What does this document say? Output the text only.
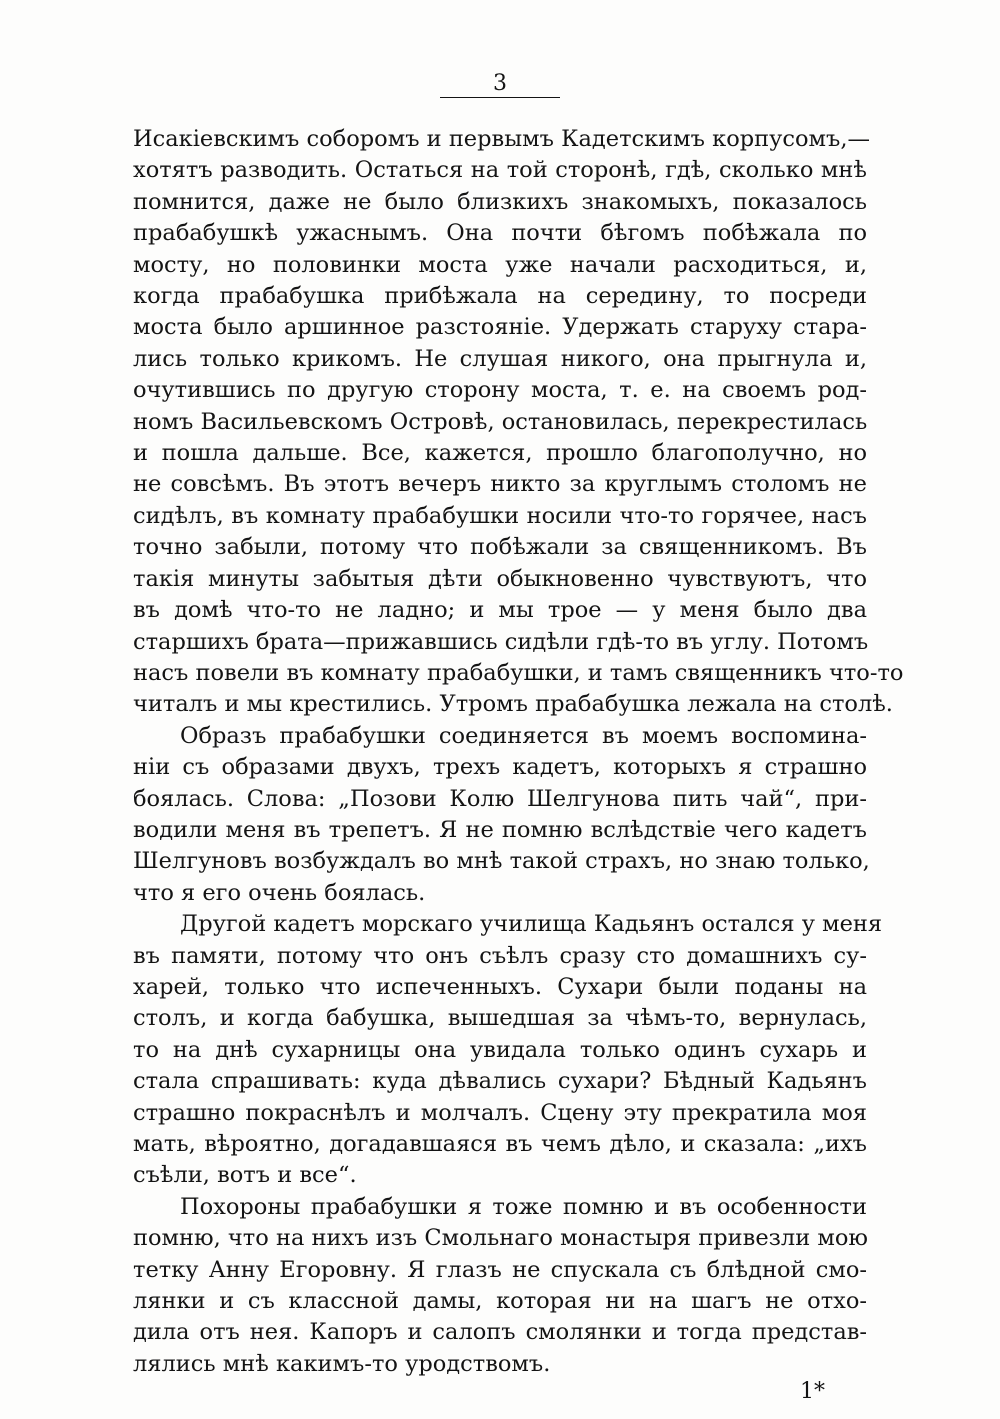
3
Исакіевскимъ соборомъ и первымъ Кадетскимъ корпусомъ,—
хотятъ разводить. Остаться на той сторонѣ, гдѣ, сколько мнѣ
помнится, даже не было близкихъ знакомыхъ, показалось
прабабушкѣ ужаснымъ. Она почти бѣгомъ побѣжала по
мосту, но половинки моста уже начали расходиться, и,
когда прабабушка прибѣжала на середину, то посреди
моста было аршинное разстояніе. Удержать старуху стара-
лись только крикомъ. Не слушая никого, она прыгнула и,
очутившись по другую сторону моста, т. е. на своемъ род-
номъ Васильевскомъ Островѣ, остановилась, перекрестилась
и пошла дальше. Все, кажется, прошло благополучно, но
не совсѣмъ. Въ этотъ вечеръ никто за круглымъ столомъ не
сидѣлъ, въ комнату прабабушки носили что-то горячее, насъ
точно забыли, потому что побѣжали за священникомъ. Въ
такія минуты забытыя дѣти обыкновенно чувствуютъ, что
въ домѣ что-то не ладно; и мы трое — у меня было два
старшихъ брата—прижавшись сидѣли гдѣ-то въ углу. Потомъ
насъ повели въ комнату прабабушки, и тамъ священникъ что-то
читалъ и мы крестились. Утромъ прабабушка лежала на столѣ.
Образъ прабабушки соединяется въ моемъ воспомина-
ніи съ образами двухъ, трехъ кадетъ, которыхъ я страшно
боялась. Слова: „Позови Колю Шелгунова пить чай“, при-
водили меня въ трепетъ. Я не помню вслѣдствіе чего кадетъ
Шелгуновъ возбуждалъ во мнѣ такой страхъ, но знаю только,
что я его очень боялась.
Другой кадетъ морскаго училища Кадьянъ остался у меня
въ памяти, потому что онъ съѣлъ сразу сто домашнихъ су-
харей, только что испеченныхъ. Сухари были поданы на
столъ, и когда бабушка, вышедшая за чѣмъ-то, вернулась,
то на днѣ сухарницы она увидала только одинъ сухарь и
стала спрашивать: куда дѣвались сухари? Бѣдный Кадьянъ
страшно покраснѣлъ и молчалъ. Сцену эту прекратила моя
мать, вѣроятно, догадавшаяся въ чемъ дѣло, и сказала: „ихъ
съѣли, вотъ и все“.
Похороны прабабушки я тоже помню и въ особенности
помню, что на нихъ изъ Смольнаго монастыря привезли мою
тетку Анну Егоровну. Я глазъ не спускала съ блѣдной смо-
лянки и съ классной дамы, которая ни на шагъ не отхо-
дила отъ нея. Капоръ и салопъ смолянки и тогда представ-
лялись мнѣ какимъ-то уродствомъ.
1*
